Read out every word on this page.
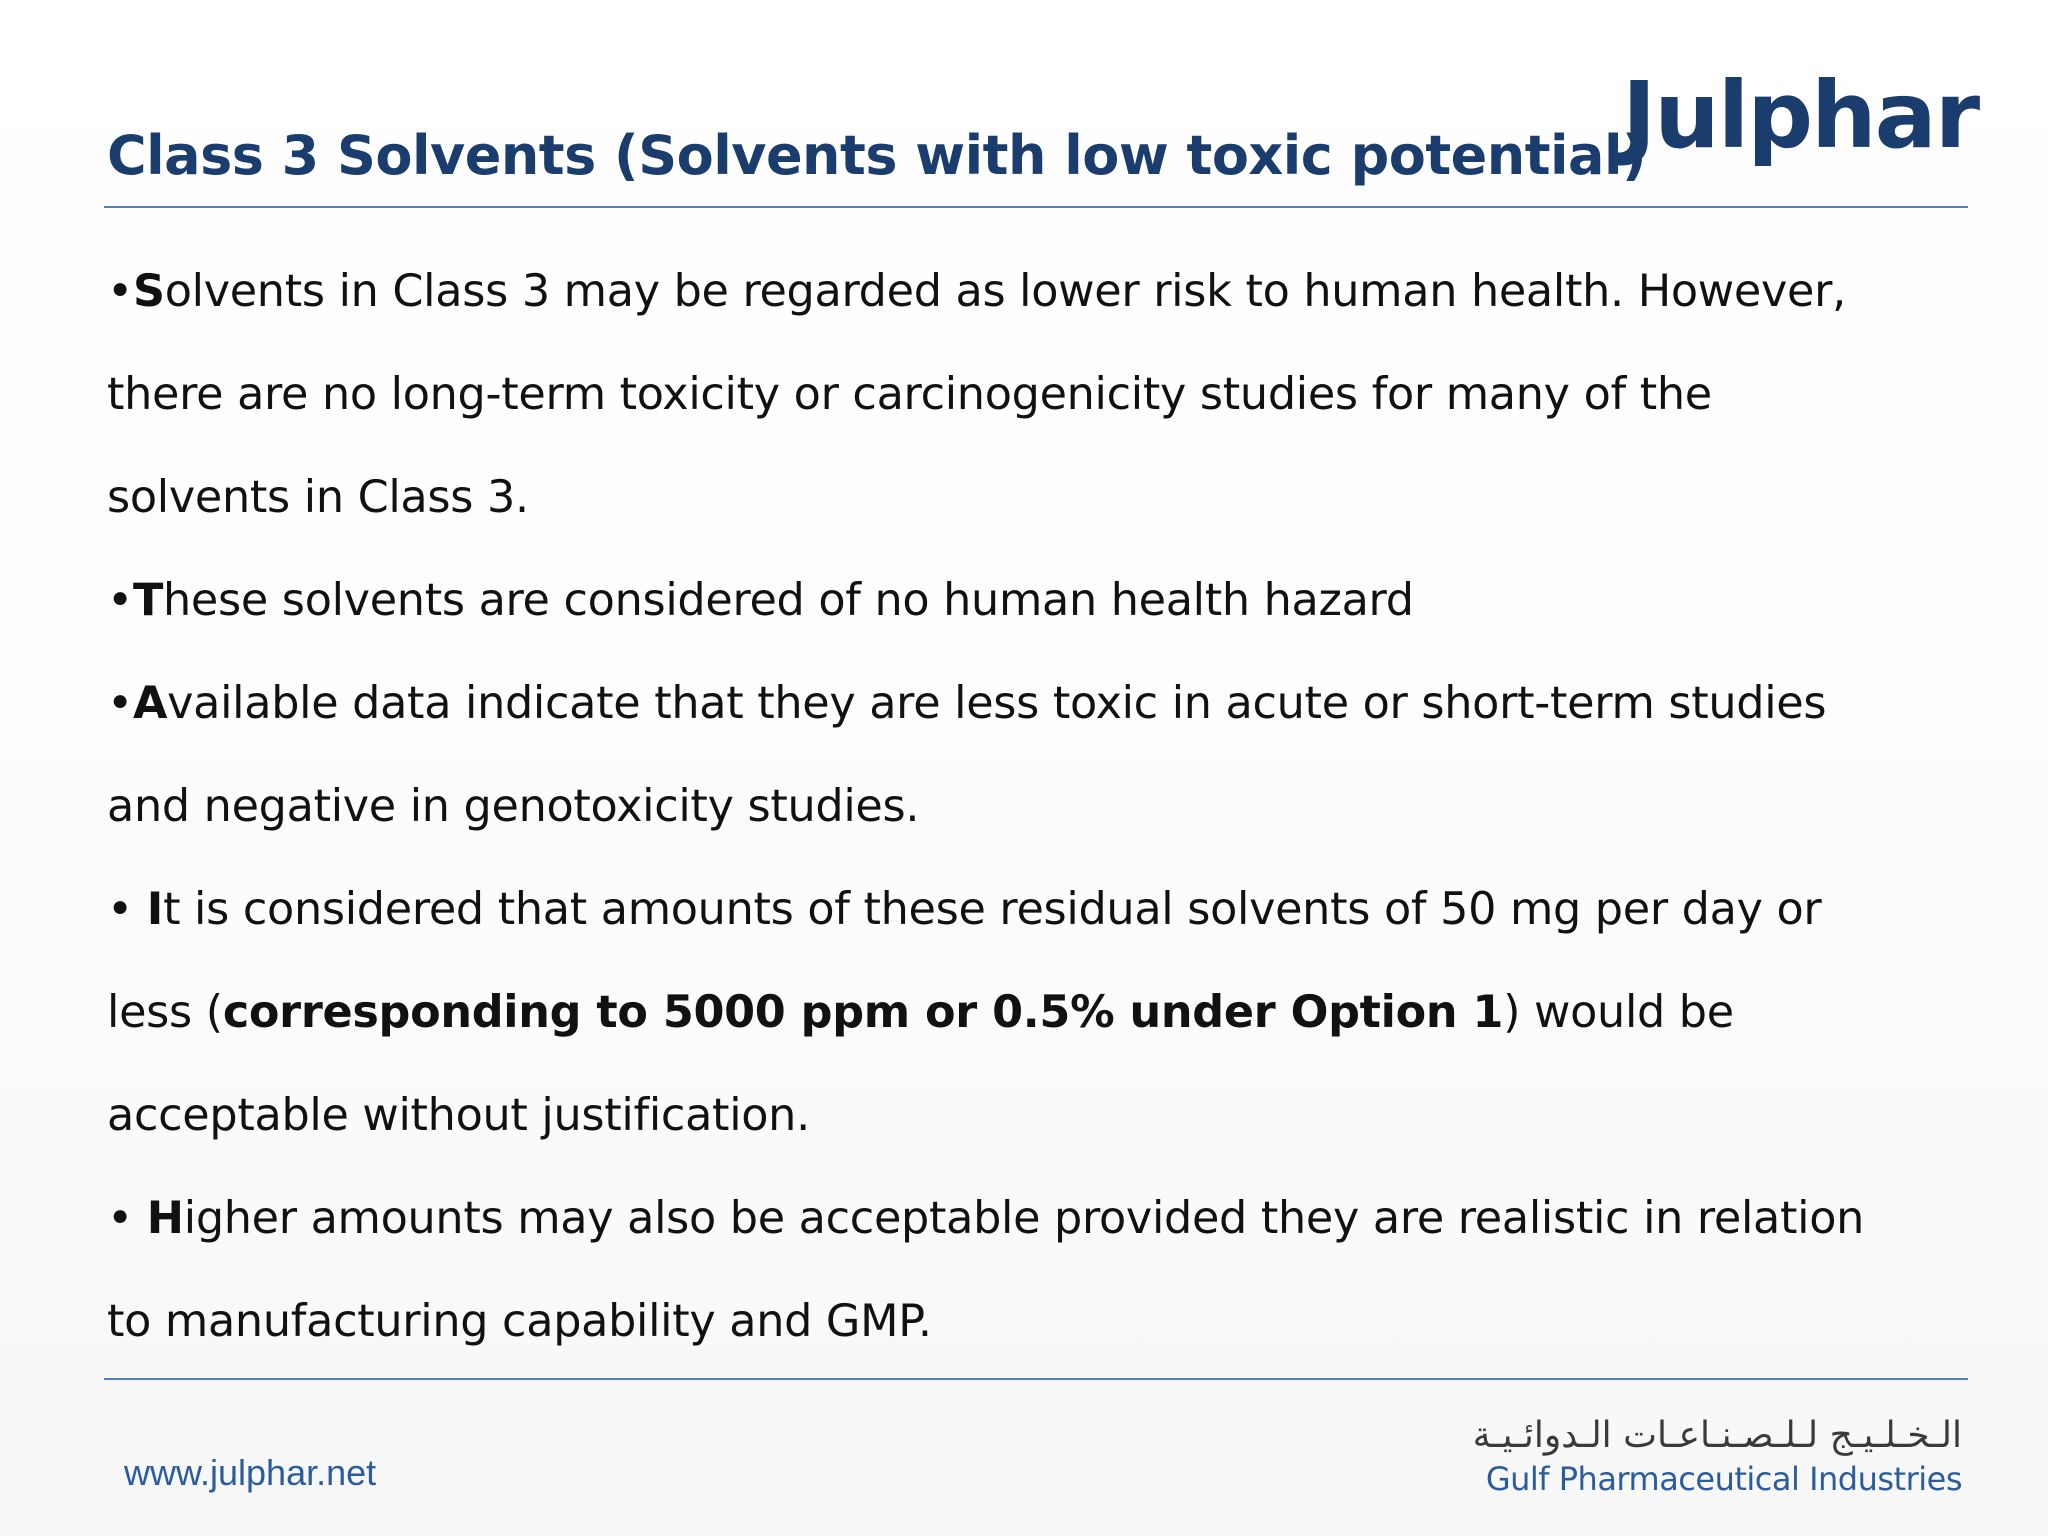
Class 3 Solvents (Solvents with low toxic potential)
Julphar
•Solvents in Class 3 may be regarded as lower risk to human health. However,
there are no long-term toxicity or carcinogenicity studies for many of the
solvents in Class 3.
•These solvents are considered of no human health hazard
•Available data indicate that they are less toxic in acute or short-term studies
and negative in genotoxicity studies.
• It is considered that amounts of these residual solvents of 50 mg per day or
less (corresponding to 5000 ppm or 0.5% under Option 1) would be
acceptable without justification.
• Higher amounts may also be acceptable provided they are realistic in relation
to manufacturing capability and GMP.
www.julphar.net
الـخـلـيـج لـلـصـنـاعـات الـدوائـيـة
Gulf Pharmaceutical Industries
